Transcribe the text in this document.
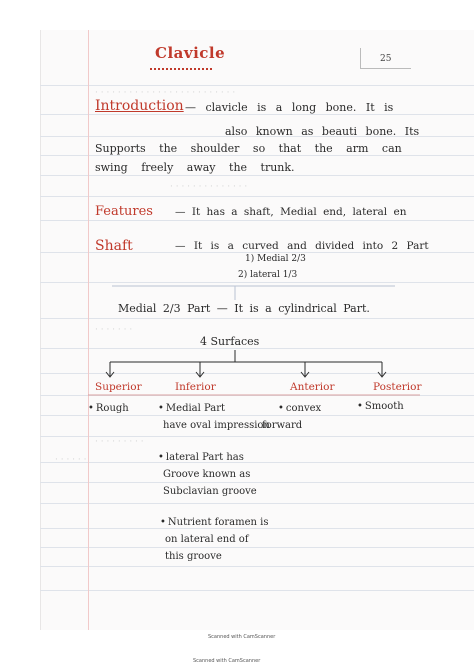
· · · · · · · · · · · · · · · · · · · · · · · · ·
· · · · · · · · · · · · · ·
· · · · · · ·
· · · · · · · · ·
· · · · · ·
Clavicle	25
Introduction — clavicle is a long bone. It is
also known as beauti bone. Its
Supports the shoulder so that the arm can
swing freely away the trunk.
Features — It has a shaft, Medial end, lateral en
Shaft	— It is a curved and divided into 2 Part
1) Medial 2/3
2) lateral 1/3
Medial 2/3 Part — It is a cylindrical Part.
4 Surfaces
Superior	Inferior	Anterior	Posterior
• Rough
•	Medial Part
have oval impression
• convex
forward
• Smooth
• lateral Part has
Groove known as
Subclavian groove
• Nutrient foramen is
on lateral end of
this groove
Scanned with CamScanner
Scanned with CamScanner
